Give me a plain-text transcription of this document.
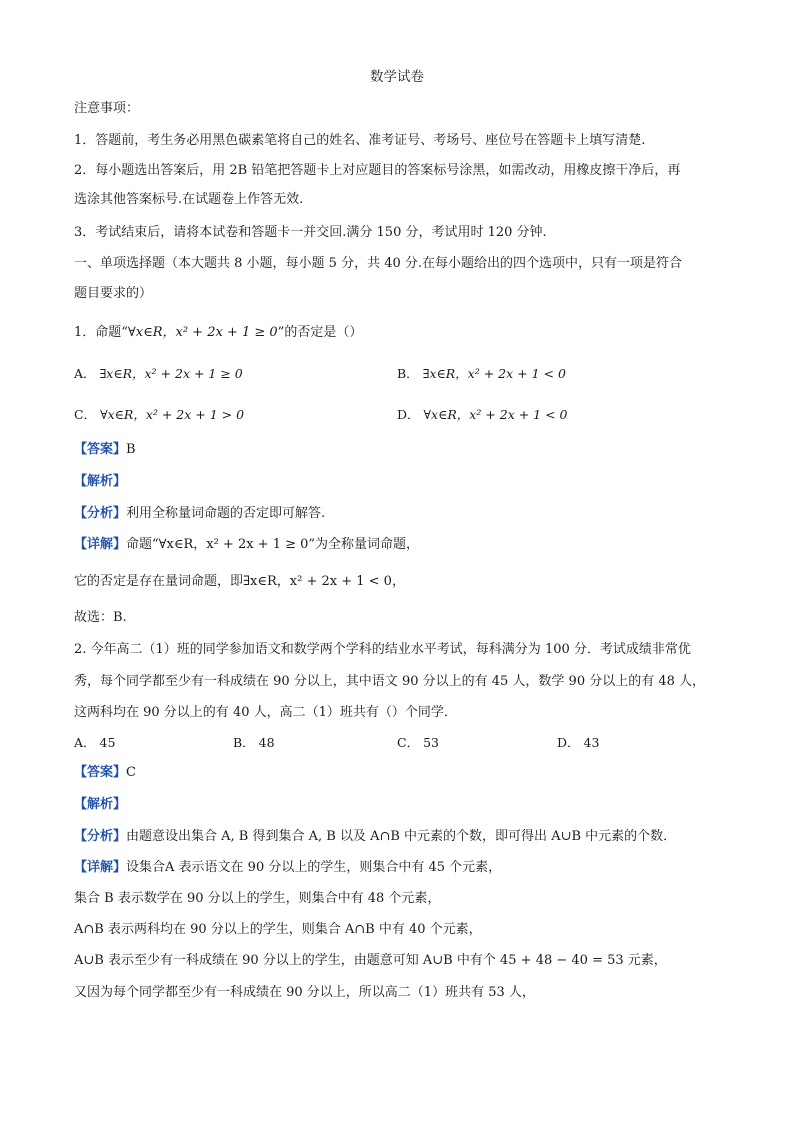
数学试卷
注意事项：
1．答题前，考生务必用黑色碳素笔将自己的姓名、准考证号、考场号、座位号在答题卡上填写清楚.
2．每小题选出答案后，用 2B 铅笔把答题卡上对应题目的答案标号涂黑，如需改动，用橡皮擦干净后，再
选涂其他答案标号.在试题卷上作答无效.
3．考试结束后，请将本试卷和答题卡一并交回.满分 150 分，考试用时 120 分钟.
一、单项选择题（本大题共 8 小题，每小题 5 分，共 40 分.在每小题给出的四个选项中，只有一项是符合
题目要求的）
1．命题“∀x∈R，x² + 2x + 1 ≥ 0”的否定是（）
A． ∃x∈R，x² + 2x + 1 ≥ 0	B． ∃x∈R，x² + 2x + 1 < 0
C． ∀x∈R，x² + 2x + 1 > 0	D． ∀x∈R，x² + 2x + 1 < 0
【答案】B
【解析】
【分析】利用全称量词命题的否定即可解答.
【详解】命题“∀x∈R，x² + 2x + 1 ≥ 0”为全称量词命题，
它的否定是存在量词命题，即∃x∈R，x² + 2x + 1 < 0，
故选：B.
2. 今年高二（1）班的同学参加语文和数学两个学科的结业水平考试，每科满分为 100 分．考试成绩非常优
秀，每个同学都至少有一科成绩在 90 分以上，其中语文 90 分以上的有 45 人，数学 90 分以上的有 48 人，
这两科均在 90 分以上的有 40 人，高二（1）班共有（）个同学．
A． 45	B． 48	C． 53	D． 43
【答案】C
【解析】
【分析】由题意设出集合 A, B 得到集合 A, B 以及 A∩B 中元素的个数，即可得出 A∪B 中元素的个数．
【详解】设集合A 表示语文在 90 分以上的学生，则集合中有 45 个元素，
集合 B 表示数学在 90 分以上的学生，则集合中有 48 个元素，
A∩B 表示两科均在 90 分以上的学生，则集合 A∩B 中有 40 个元素，
A∪B 表示至少有一科成绩在 90 分以上的学生，由题意可知 A∪B 中有个 45 + 48 − 40 = 53 元素，
又因为每个同学都至少有一科成绩在 90 分以上，所以高二（1）班共有 53 人，
